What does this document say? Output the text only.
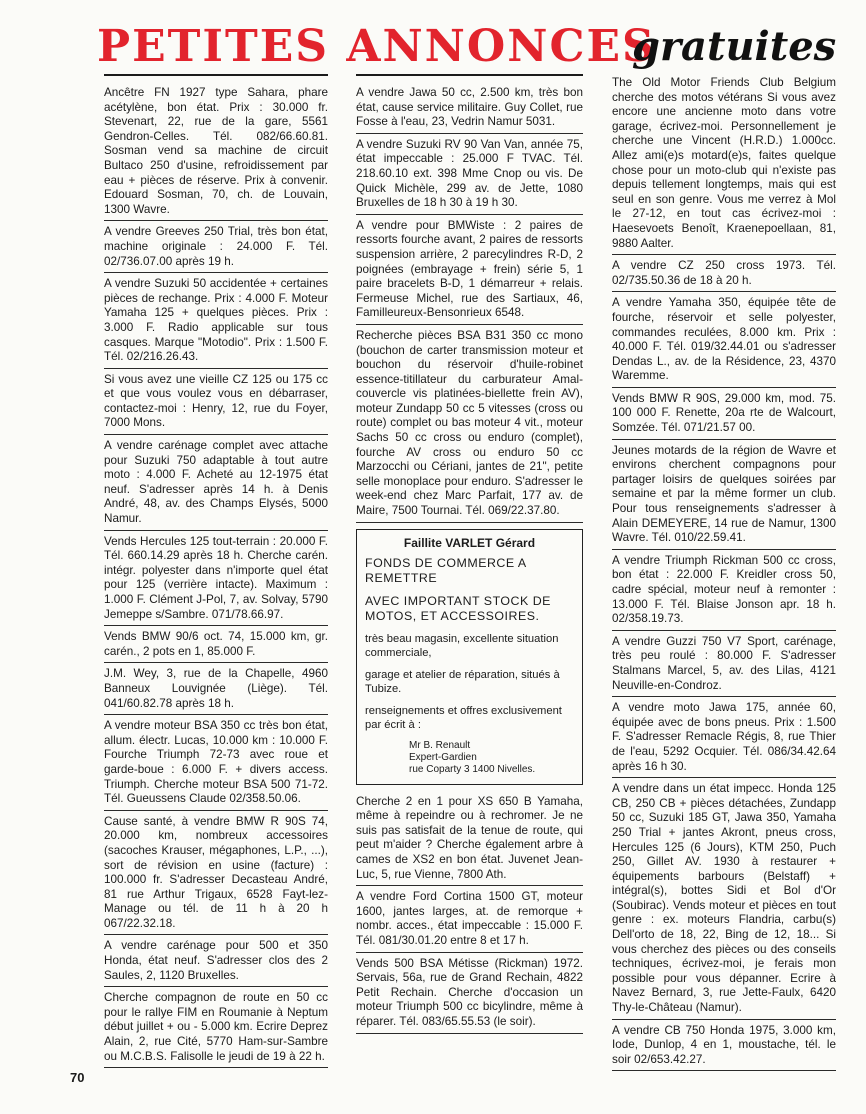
PETITES ANNONCES
gratuites
Ancêtre FN 1927 type Sahara, phare acétylène, bon état. Prix : 30.000 fr. Stevenart, 22, rue de la gare, 5561 Gendron-Celles. Tél. 082/66.60.81. Sosman vend sa machine de circuit Bultaco 250 d'usine, refroidissement par eau + pièces de réserve. Prix à convenir. Edouard Sosman, 70, ch. de Louvain, 1300 Wavre.
A vendre Greeves 250 Trial, très bon état, machine originale : 24.000 F. Tél. 02/736.07.00 après 19 h.
A vendre Suzuki 50 accidentée + certaines pièces de rechange. Prix : 4.000 F. Moteur Yamaha 125 + quelques pièces. Prix : 3.000 F. Radio applicable sur tous casques. Marque "Motodio". Prix : 1.500 F. Tél. 02/216.26.43.
Si vous avez une vieille CZ 125 ou 175 cc et que vous voulez vous en débarraser, contactez-moi : Henry, 12, rue du Foyer, 7000 Mons.
A vendre carénage complet avec attache pour Suzuki 750 adaptable à tout autre moto : 4.000 F. Acheté au 12-1975 état neuf. S'adresser après 14 h. à Denis André, 48, av. des Champs Elysés, 5000 Namur.
Vends Hercules 125 tout-terrain : 20.000 F. Tél. 660.14.29 après 18 h. Cherche carén. intégr. polyester dans n'importe quel état pour 125 (verrière intacte). Maximum : 1.000 F. Clément J-Pol, 7, av. Solvay, 5790 Jemeppe s/Sambre. 071/78.66.97.
Vends BMW 90/6 oct. 74, 15.000 km, gr. carén., 2 pots en 1, 85.000 F.
J.M. Wey, 3, rue de la Chapelle, 4960 Banneux Louvignée (Liège). Tél. 041/60.82.78 après 18 h.
A vendre moteur BSA 350 cc très bon état, allum. électr. Lucas, 10.000 km : 10.000 F. Fourche Triumph 72-73 avec roue et garde-boue : 6.000 F. + divers access. Triumph. Cherche moteur BSA 500 71-72. Tél. Gueussens Claude 02/358.50.06.
Cause santé, à vendre BMW R 90S 74, 20.000 km, nombreux accessoires (sacoches Krauser, mégaphones, L.P., ...), sort de révision en usine (facture) : 100.000 fr. S'adresser Decasteau André, 81 rue Arthur Trigaux, 6528 Fayt-lez-Manage ou tél. de 11 h à 20 h 067/22.32.18.
A vendre carénage pour 500 et 350 Honda, état neuf. S'adresser clos des 2 Saules, 2, 1120 Bruxelles.
Cherche compagnon de route en 50 cc pour le rallye FIM en Roumanie à Neptum début juillet + ou - 5.000 km. Ecrire Deprez Alain, 2, rue Cité, 5770 Ham-sur-Sambre ou M.C.B.S. Falisolle le jeudi de 19 à 22 h.
A vendre Jawa 50 cc, 2.500 km, très bon état, cause service militaire. Guy Collet, rue Fosse à l'eau, 23, Vedrin Namur 5031.
A vendre Suzuki RV 90 Van Van, année 75, état impeccable : 25.000 F TVAC. Tél. 218.60.10 ext. 398 Mme Cnop ou vis. De Quick Michèle, 299 av. de Jette, 1080 Bruxelles de 18 h 30 à 19 h 30.
A vendre pour BMWiste : 2 paires de ressorts fourche avant, 2 paires de ressorts suspension arrière, 2 parecylindres R-D, 2 poignées (embrayage + frein) série 5, 1 paire bracelets B-D, 1 démarreur + relais. Fermeuse Michel, rue des Sartiaux, 46, Familleureux-Bensonrieux 6548.
Recherche pièces BSA B31 350 cc mono (bouchon de carter transmission moteur et bouchon du réservoir d'huile-robinet essence-titillateur du carburateur Amal-couvercle vis platinées-biellette frein AV), moteur Zundapp 50 cc 5 vitesses (cross ou route) complet ou bas moteur 4 vit., moteur Sachs 50 cc cross ou enduro (complet), fourche AV cross ou enduro 50 cc Marzocchi ou Cériani, jantes de 21", petite selle monoplace pour enduro. S'adresser le week-end chez Marc Parfait, 177 av. de Maire, 7500 Tournai. Tél. 069/22.37.80.
Faillite VARLET Gérard
FONDS DE COMMERCE A REMETTRE
AVEC IMPORTANT STOCK DE MOTOS, ET ACCESSOIRES.
très beau magasin, excellente situation commerciale,
garage et atelier de réparation, situés à Tubize.
renseignements et offres exclusivement par écrit à :
Mr B. Renault
Expert-Gardien
rue Coparty 3 1400 Nivelles.
Cherche 2 en 1 pour XS 650 B Yamaha, même à repeindre ou à rechromer. Je ne suis pas satisfait de la tenue de route, qui peut m'aider ? Cherche également arbre à cames de XS2 en bon état. Juvenet Jean-Luc, 5, rue Vienne, 7800 Ath.
A vendre Ford Cortina 1500 GT, moteur 1600, jantes larges, at. de remorque + nombr. acces., état impeccable : 15.000 F. Tél. 081/30.01.20 entre 8 et 17 h.
Vends 500 BSA Métisse (Rickman) 1972. Servais, 56a, rue de Grand Rechain, 4822 Petit Rechain. Cherche d'occasion un moteur Triumph 500 cc bicylindre, même à réparer. Tél. 083/65.55.53 (le soir).
The Old Motor Friends Club Belgium cherche des motos vétérans Si vous avez encore une ancienne moto dans votre garage, écrivez-moi. Personnellement je cherche une Vincent (H.R.D.) 1.000cc. Allez ami(e)s motard(e)s, faites quelque chose pour un moto-club qui n'existe pas depuis tellement longtemps, mais qui est seul en son genre. Vous me verrez à Mol le 27-12, en tout cas écrivez-moi : Haesevoets Benoît, Kraenepoellaan, 81, 9880 Aalter.
A vendre CZ 250 cross 1973. Tél. 02/735.50.36 de 18 à 20 h.
A vendre Yamaha 350, équipée tête de fourche, réservoir et selle polyester, commandes reculées, 8.000 km. Prix : 40.000 F. Tél. 019/32.44.01 ou s'adresser Dendas L., av. de la Résidence, 23, 4370 Waremme.
Vends BMW R 90S, 29.000 km, mod. 75. 100 000 F. Renette, 20a rte de Walcourt, Somzée. Tél. 071/21.57 00.
Jeunes motards de la région de Wavre et environs cherchent compagnons pour partager loisirs de quelques soirées par semaine et par la même former un club. Pour tous renseignements s'adresser à Alain DEMEYERE, 14 rue de Namur, 1300 Wavre. Tél. 010/22.59.41.
A vendre Triumph Rickman 500 cc cross, bon état : 22.000 F. Kreidler cross 50, cadre spécial, moteur neuf à remonter : 13.000 F. Tél. Blaise Jonson apr. 18 h. 02/358.19.73.
A vendre Guzzi 750 V7 Sport, carénage, très peu roulé : 80.000 F. S'adresser Stalmans Marcel, 5, av. des Lilas, 4121 Neuville-en-Condroz.
A vendre moto Jawa 175, année 60, équipée avec de bons pneus. Prix : 1.500 F. S'adresser Remacle Régis, 8, rue Thier de l'eau, 5292 Ocquier. Tél. 086/34.42.64 après 16 h 30.
A vendre dans un état impecc. Honda 125 CB, 250 CB + pièces détachées, Zundapp 50 cc, Suzuki 185 GT, Jawa 350, Yamaha 250 Trial + jantes Akront, pneus cross, Hercules 125 (6 Jours), KTM 250, Puch 250, Gillet AV. 1930 à restaurer + équipements barbours (Belstaff) + intégral(s), bottes Sidi et Bol d'Or (Soubirac). Vends moteur et pièces en tout genre : ex. moteurs Flandria, carbu(s) Dell'orto de 18, 22, Bing de 12, 18... Si vous cherchez des pièces ou des conseils techniques, écrivez-moi, je ferais mon possible pour vous dépanner. Ecrire à Navez Bernard, 3, rue Jette-Faulx, 6420 Thy-le-Château (Namur).
A vendre CB 750 Honda 1975, 3.000 km, Iode, Dunlop, 4 en 1, moustache, tél. le soir 02/653.42.27.
70
